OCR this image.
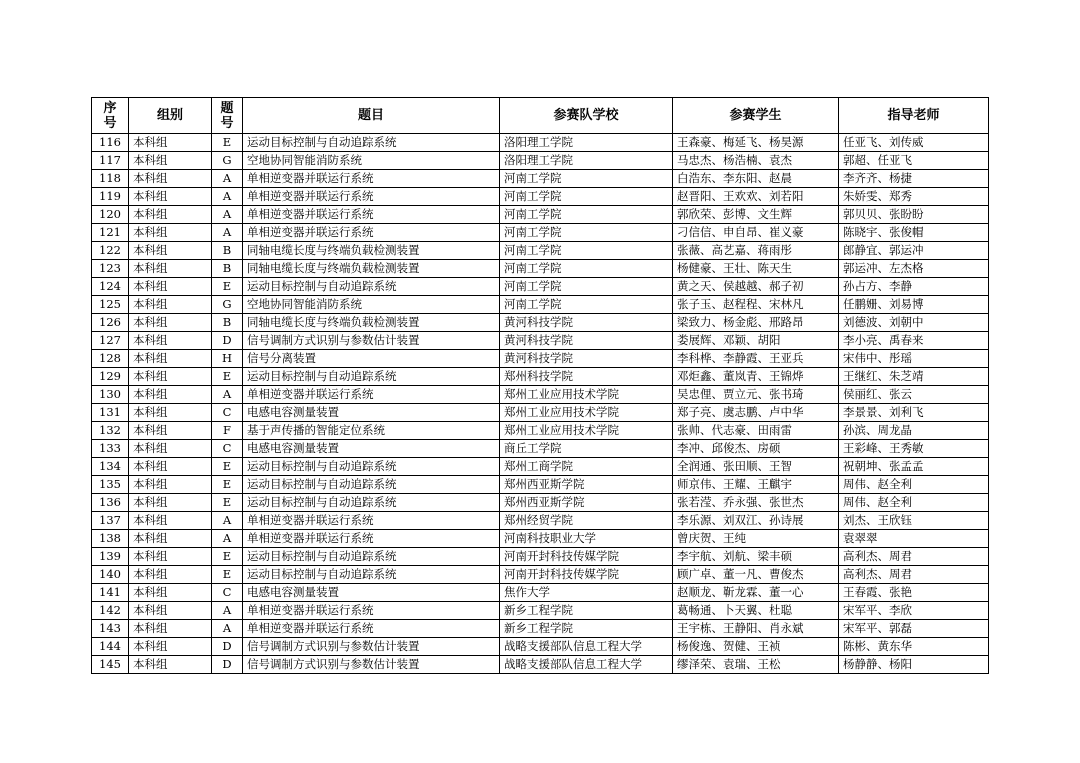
序号	组别	题号	题目	参赛队学校	参赛学生	指导老师
116	本科组	E	运动目标控制与自动追踪系统	洛阳理工学院	王森豪、梅延飞、杨昊源	任亚飞、刘传威
117	本科组	G	空地协同智能消防系统	洛阳理工学院	马忠杰、杨浩楠、袁杰	郭超、任亚飞
118	本科组	A	单相逆变器并联运行系统	河南工学院	白浩东、李东阳、赵晨	李齐齐、杨捷
119	本科组	A	单相逆变器并联运行系统	河南工学院	赵晋阳、王欢欢、刘若阳	朱娇雯、郑秀
120	本科组	A	单相逆变器并联运行系统	河南工学院	郭欣荣、彭博、文生辉	郭贝贝、张盼盼
121	本科组	A	单相逆变器并联运行系统	河南工学院	刁信信、申自昂、崔义豪	陈晓宇、张俊帽
122	本科组	B	同轴电缆长度与终端负载检测装置	河南工学院	张薇、高艺嘉、蒋雨彤	郎静宜、郭运冲
123	本科组	B	同轴电缆长度与终端负载检测装置	河南工学院	杨健豪、王壮、陈天生	郭运冲、左杰格
124	本科组	E	运动目标控制与自动追踪系统	河南工学院	黄之天、侯越越、郝子初	孙占方、李静
125	本科组	G	空地协同智能消防系统	河南工学院	张子玉、赵程程、宋林凡	任鹏姗、刘易博
126	本科组	B	同轴电缆长度与终端负载检测装置	黄河科技学院	梁致力、杨金彪、邢路昂	刘德波、刘朝中
127	本科组	D	信号调制方式识别与参数估计装置	黄河科技学院	娄展辉、邓颖、胡阳	李小亮、禹春来
128	本科组	H	信号分离装置	黄河科技学院	李科桦、李静霞、王亚兵	宋伟中、彤瑶
129	本科组	E	运动目标控制与自动追踪系统	郑州科技学院	邓炬鑫、董岚青、王锦烨	王继红、朱芝靖
130	本科组	A	单相逆变器并联运行系统	郑州工业应用技术学院	吴忠俚、贾立元、张书琦	侯丽红、张云
131	本科组	C	电感电容测量装置	郑州工业应用技术学院	郑子亮、虞志鹏、卢中华	李景景、刘利飞
132	本科组	F	基于声传播的智能定位系统	郑州工业应用技术学院	张帅、代志豪、田雨雷	孙滨、周龙晶
133	本科组	C	电感电容测量装置	商丘工学院	李冲、邱俊杰、房硕	王彩峰、王秀敏
134	本科组	E	运动目标控制与自动追踪系统	郑州工商学院	全润通、张田顺、王智	祝朝坤、张孟孟
135	本科组	E	运动目标控制与自动追踪系统	郑州西亚斯学院	师京伟、王耀、王麒宇	周伟、赵全利
136	本科组	E	运动目标控制与自动追踪系统	郑州西亚斯学院	张若滢、乔永强、张世杰	周伟、赵全利
137	本科组	A	单相逆变器并联运行系统	郑州经贸学院	李乐源、刘双江、孙诗展	刘杰、王欣钰
138	本科组	A	单相逆变器并联运行系统	河南科技职业大学	曾庆贺、王纯	袁翠翠
139	本科组	E	运动目标控制与自动追踪系统	河南开封科技传媒学院	李宇航、刘航、梁丰硕	高利杰、周君
140	本科组	E	运动目标控制与自动追踪系统	河南开封科技传媒学院	顾广卓、董一凡、曹俊杰	高利杰、周君
141	本科组	C	电感电容测量装置	焦作大学	赵顺龙、靳龙霖、董一心	王春霞、张艳
142	本科组	A	单相逆变器并联运行系统	新乡工程学院	葛畅通、卜天翼、杜聪	宋军平、李欣
143	本科组	A	单相逆变器并联运行系统	新乡工程学院	王宇栋、王静阳、肖永斌	宋军平、郭磊
144	本科组	D	信号调制方式识别与参数估计装置	战略支援部队信息工程大学	杨俊逸、贺健、王祯	陈彬、黄东华
145	本科组	D	信号调制方式识别与参数估计装置	战略支援部队信息工程大学	缪泽荣、袁瑞、王松	杨静静、杨阳
